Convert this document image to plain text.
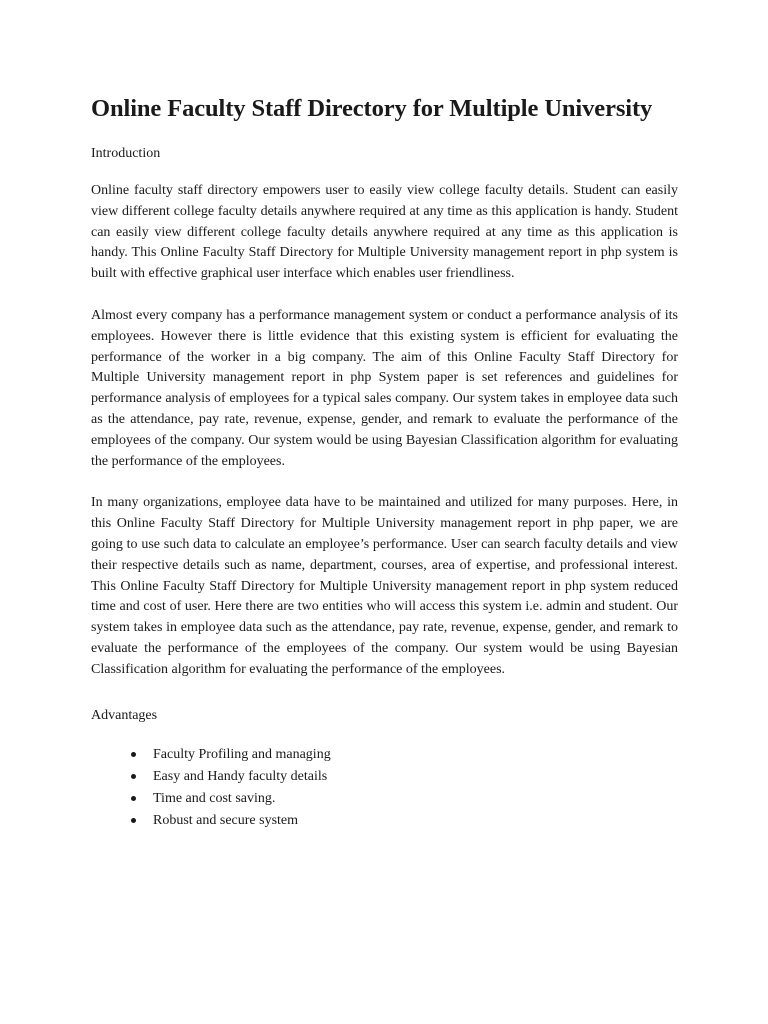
Online Faculty Staff Directory for Multiple University

Introduction

Online faculty staff directory empowers user to easily view college faculty details. Student can easily view different college faculty details anywhere required at any time as this application is handy. Student can easily view different college faculty details anywhere required at any time as this application is handy. This Online Faculty Staff Directory for Multiple University management report in php system is built with effective graphical user interface which enables user friendliness.

Almost every company has a performance management system or conduct a performance analysis of its employees. However there is little evidence that this existing system is efficient for evaluating the performance of the worker in a big company. The aim of this Online Faculty Staff Directory for Multiple University management report in php System paper is set references and guidelines for performance analysis of employees for a typical sales company. Our system takes in employee data such as the attendance, pay rate, revenue, expense, gender, and remark to evaluate the performance of the employees of the company. Our system would be using Bayesian Classification algorithm for evaluating the performance of the employees.

In many organizations, employee data have to be maintained and utilized for many purposes. Here, in this Online Faculty Staff Directory for Multiple University management report in php paper, we are going to use such data to calculate an employee’s performance. User can search faculty details and view their respective details such as name, department, courses, area of expertise, and professional interest. This Online Faculty Staff Directory for Multiple University management report in php system reduced time and cost of user. Here there are two entities who will access this system i.e. admin and student. Our system takes in employee data such as the attendance, pay rate, revenue, expense, gender, and remark to evaluate the performance of the employees of the company. Our system would be using Bayesian Classification algorithm for evaluating the performance of the employees.

Advantages

Faculty Profiling and managing
Easy and Handy faculty details
Time and cost saving.
Robust and secure system
